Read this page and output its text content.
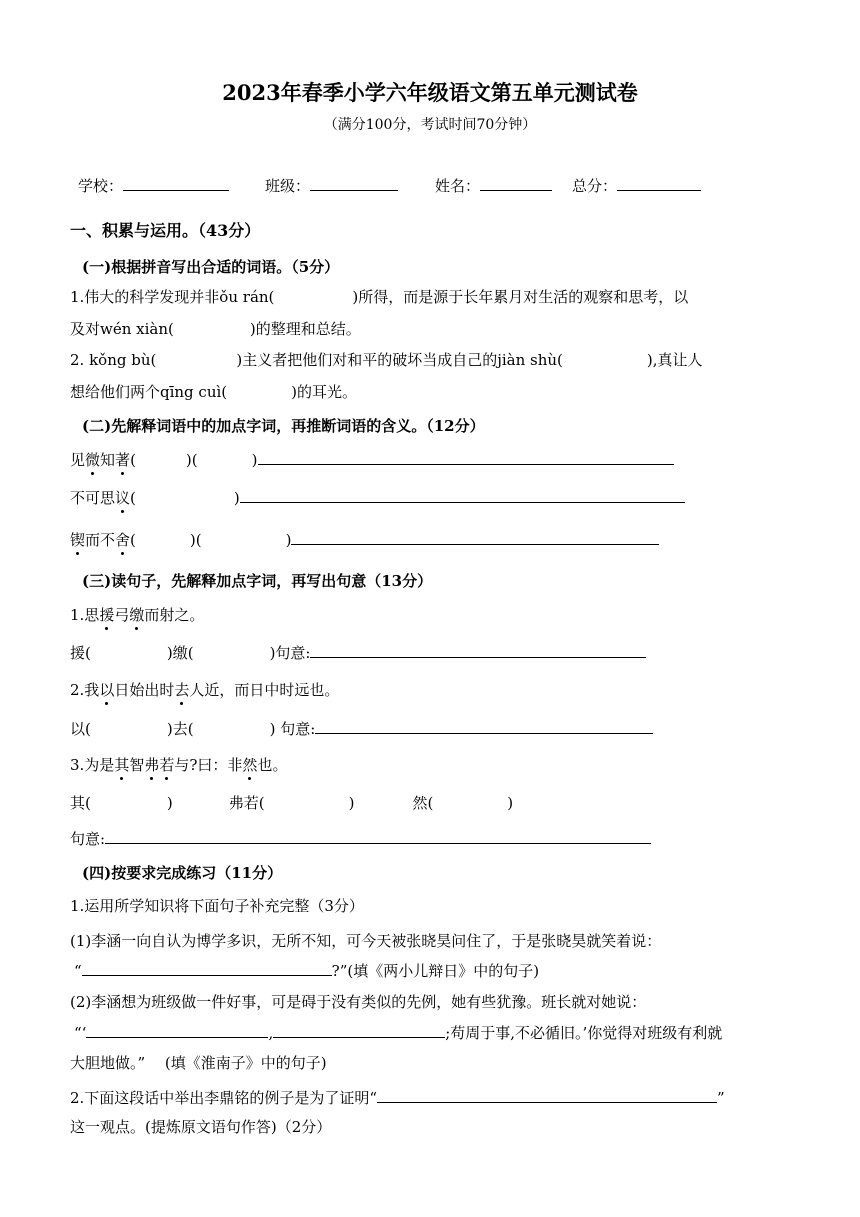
2023年春季小学六年级语文第五单元测试卷
（满分100分，考试时间70分钟）
学校：	班级：	姓名：	总分：
一、积累与运用。（43分）
(一)根据拼音写出合适的词语。（5分）
1.伟大的科学发现并非ǒu rán(	)所得，而是源于长年累月对生活的观察和思考，以
及对wén xiàn(	)的整理和总结。
2. kǒng bù(	)主义者把他们对和平的破坏当成自己的jiàn shù(	),真让人
想给他们两个qīng cuì(	)的耳光。
(二)先解释词语中的加点字词，再推断词语的含义。（12分）
见微知著(	)(	)
不可思议(	)
锲而不舍(	)(	)
(三)读句子，先解释加点字词，再写出句意（13分）
1.思援弓缴而射之。
援(	)缴(	)句意:
2.我以日始出时去人近，而日中时远也。
以(	)去(	) 句意:
3.为是其智弗若与?曰：非然也。
其(	)	弗若(	)	然(	)
句意:
(四)按要求完成练习（11分）
1.运用所学知识将下面句子补充完整（3分）
(1)李涵一向自认为博学多识，无所不知，可今天被张晓昊问住了，于是张晓昊就笑着说：
“	?”(填《两小儿辩日》中的句子)
(2)李涵想为班级做一件好事，可是碍于没有类似的先例，她有些犹豫。班长就对她说：
“‘	,	;苟周于事,不必循旧。’你觉得对班级有利就
大胆地做。”　 (填《淮南子》中的句子)
2.下面这段话中举出李鼎铭的例子是为了证明“	”
这一观点。(提炼原文语句作答)（2分）
